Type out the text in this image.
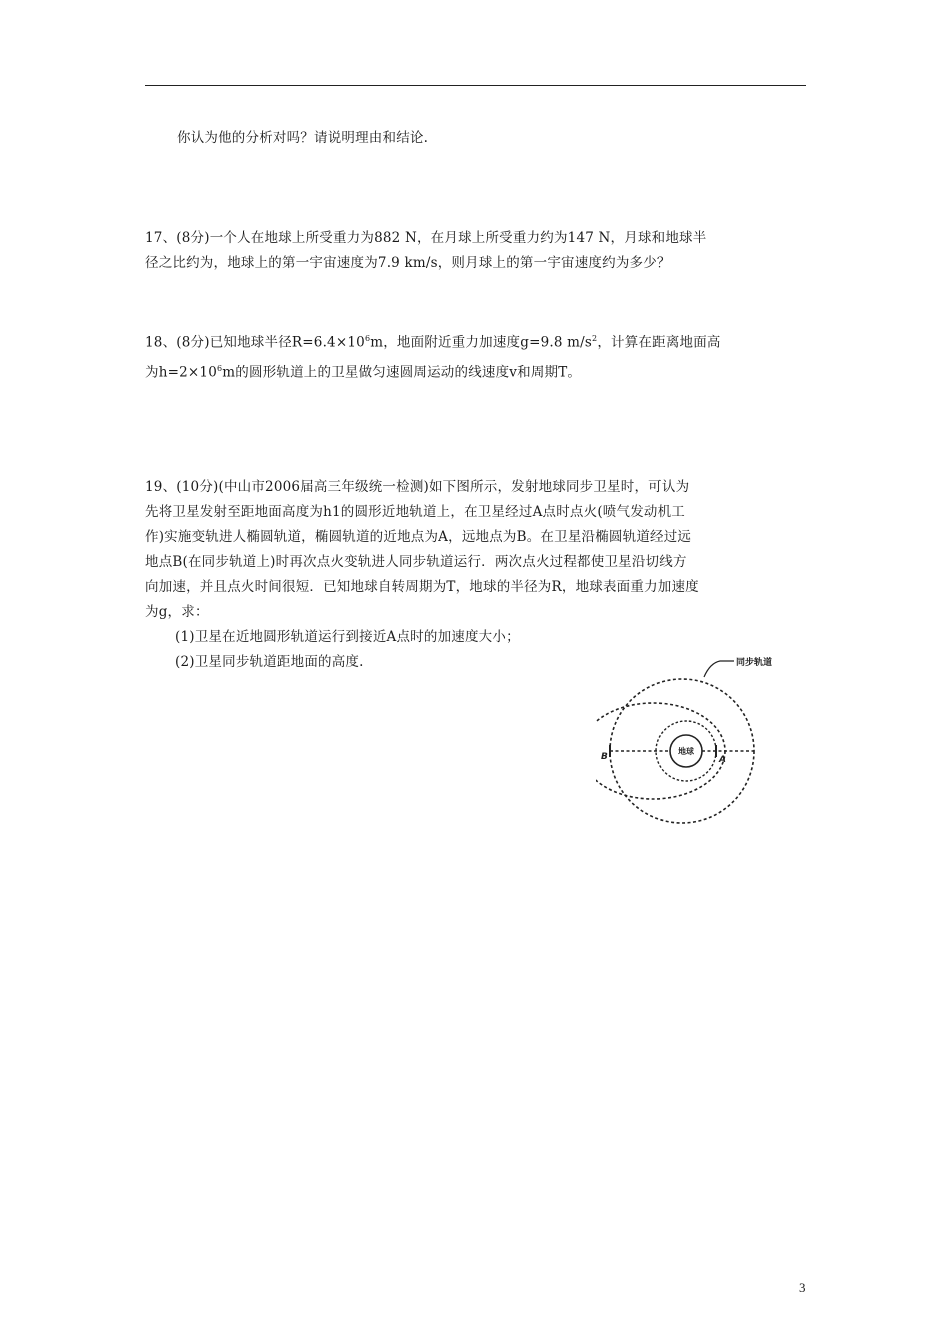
你认为他的分析对吗？请说明理由和结论.

17、(8分)一个人在地球上所受重力为882 N，在月球上所受重力约为147 N，月球和地球半

径之比约为，地球上的第一宇宙速度为7.9 km/s，则月球上的第一宇宙速度约为多少？

18、(8分)已知地球半径$R=6.4\times 10^6m$，地面附近重力加速度g=9.8 $m/s^2$，计算在距离地面高

为$h=2\times 10^6m$的圆形轨道上的卫星做匀速圆周运动的线速度v和周期T。

19、(10分)(中山市2006届高三年级统一检测)如下图所示，发射地球同步卫星时，可认为

先将卫星发射至距地面高度为h1的圆形近地轨道上，在卫星经过A点时点火(喷气发动机工

作)实施变轨进人椭圆轨道，椭圆轨道的近地点为A，远地点为B。在卫星沿椭圆轨道经过远

地点B(在同步轨道上)时再次点火变轨进人同步轨道运行．两次点火过程都使卫星沿切线方

向加速，并且点火时间很短．已知地球自转周期为T，地球的半径为R，地球表面重力加速度

为g，求：

(1)卫星在近地圆形轨道运行到接近A点时的加速度大小；

(2)卫星同步轨道距地面的高度.	同步轨道
地球
A
B
3
